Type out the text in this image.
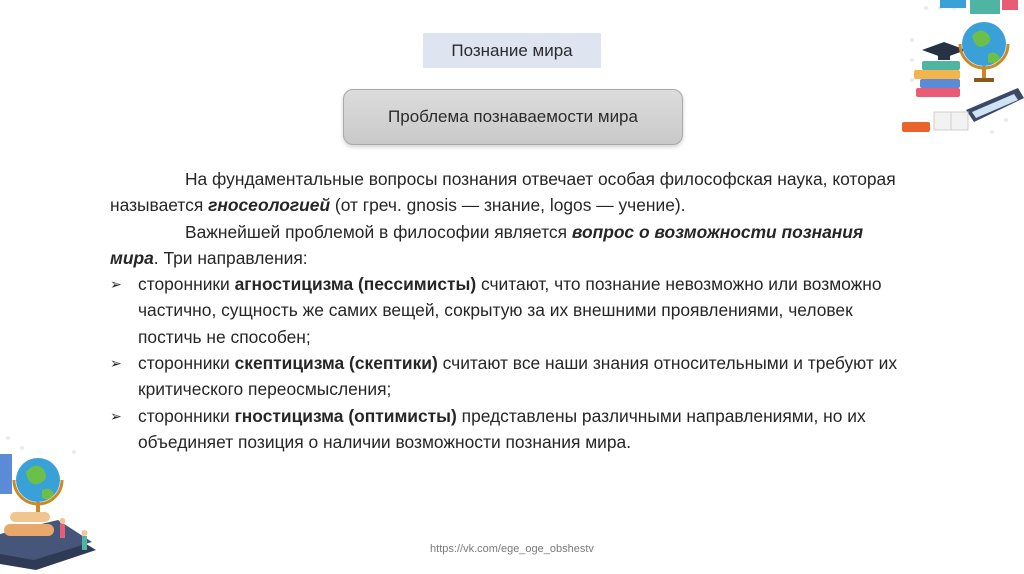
Познание мира
Проблема познаваемости мира

На фундаментальные вопросы познания отвечает особая философская наука, которая называется гносеологией (от греч. gnosis — знание, logos — учение).

Важнейшей проблемой в философии является вопрос о возможности познания мира. Три направления:

➢ сторонники агностицизма (пессимисты) считают, что познание невозможно или возможно частично, сущность же самих вещей, сокрытую за их внешними проявлениями, человек постичь не способен;
➢ сторонники скептицизма (скептики) считают все наши знания относительными и требуют их критического переосмысления;
➢ сторонники гностицизма (оптимисты) представлены различными направлениями, но их объединяет позиция о наличии возможности познания мира.
https://vk.com/ege_oge_obshestv
